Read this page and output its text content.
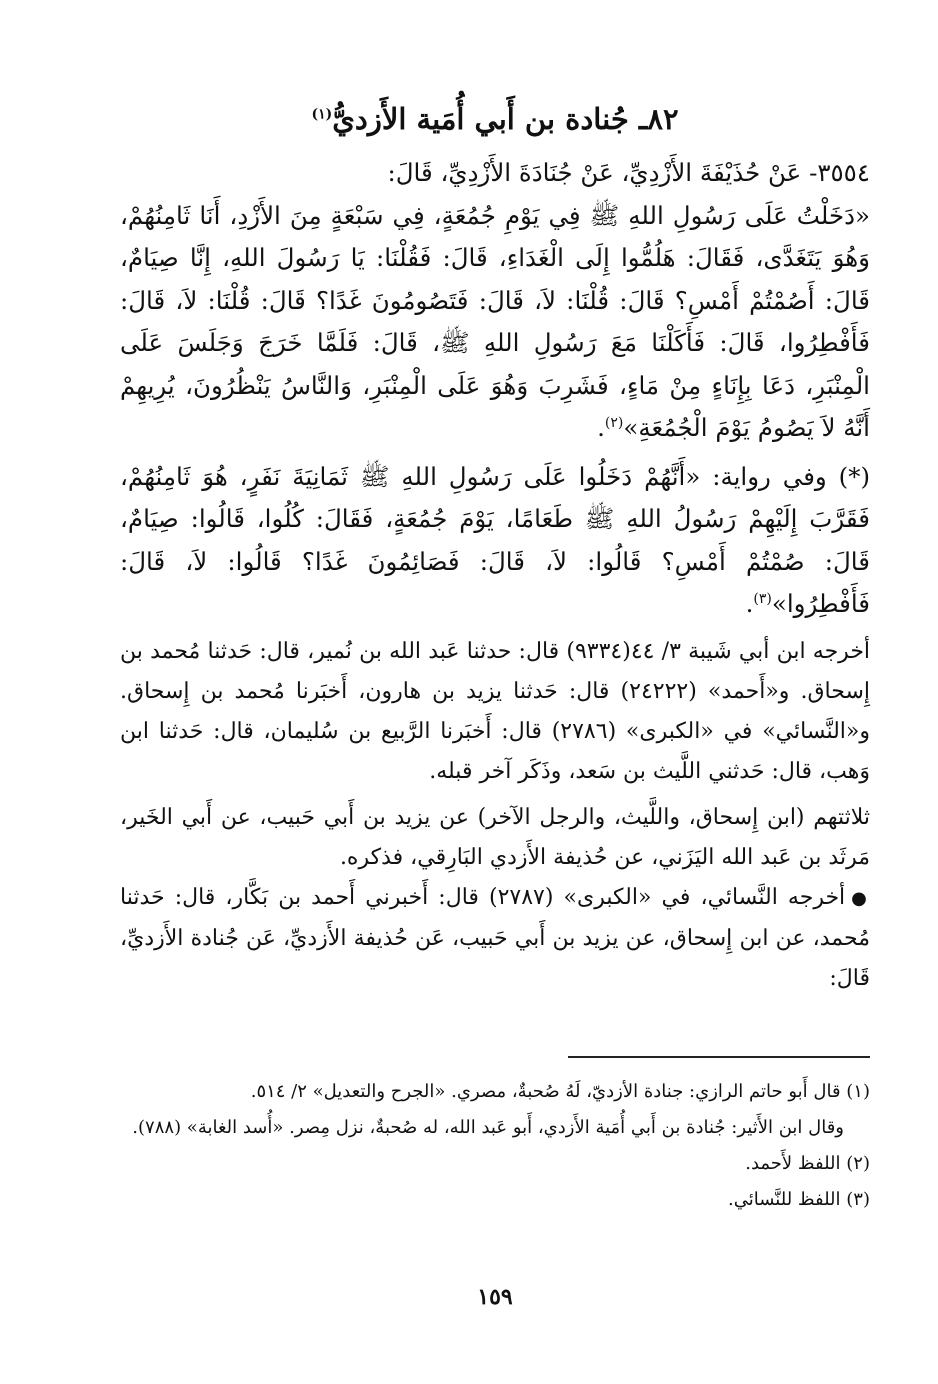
٨٢ـ جُنادة بن أَبي أُمَية الأَزديُّ$^{(١)}$

٣٥٥٤- عَنْ حُذَيْفَةَ الأَزْدِيِّ، عَنْ جُنَادَةَ الأَزْدِيِّ، قَالَ:

«دَخَلْتُ عَلَى رَسُولِ اللهِ ﷺ فِي يَوْمِ جُمُعَةٍ، فِي سَبْعَةٍ مِنَ الأَزْدِ، أَنَا ثَامِنُهُمْ، وَهُوَ يَتَغَدَّى، فَقَالَ: هَلُمُّوا إِلَى الْغَدَاءِ، قَالَ: فَقُلْنَا: يَا رَسُولَ اللهِ، إِنَّا صِيَامٌ، قَالَ: أَصُمْتُمْ أَمْسِ؟ قَالَ: قُلْنَا: لاَ، قَالَ: فَتَصُومُونَ غَدًا؟ قَالَ: قُلْنَا: لاَ، قَالَ: فَأَفْطِرُوا، قَالَ: فَأَكَلْنَا مَعَ رَسُولِ اللهِ ﷺ، قَالَ: فَلَمَّا خَرَجَ وَجَلَسَ عَلَى الْمِنْبَرِ، دَعَا بِإِنَاءٍ مِنْ مَاءٍ، فَشَرِبَ وَهُوَ عَلَى الْمِنْبَرِ، وَالنَّاسُ يَنْظُرُونَ، يُرِيهِمْ أَنَّهُ لاَ يَصُومُ يَوْمَ الْجُمُعَةِ»$^{(٢)}$.

(*) وفي رواية: «أَنَّهُمْ دَخَلُوا عَلَى رَسُولِ اللهِ ﷺ ثَمَانِيَةَ نَفَرٍ، هُوَ ثَامِنُهُمْ، فَقَرَّبَ إِلَيْهِمْ رَسُولُ اللهِ ﷺ طَعَامًا، يَوْمَ جُمُعَةٍ، فَقَالَ: كُلُوا، قَالُوا: صِيَامٌ، قَالَ: صُمْتُمْ أَمْسِ؟ قَالُوا: لاَ، قَالَ: فَصَائِمُونَ غَدًا؟ قَالُوا: لاَ، قَالَ: فَأَفْطِرُوا»$^{(٣)}$.

أخرجه ابن أبي شَيبة ٣/ ٤٤(٩٣٣٤) قال: حدثنا عَبد الله بن نُمير، قال: حَدثنا مُحمد بن إِسحاق. و«أَحمد» (٢٤٢٢٢) قال: حَدثنا يزيد بن هارون، أَخبَرنا مُحمد بن إِسحاق. و«النَّسائي» في «الكبرى» (٢٧٨٦) قال: أَخبَرنا الرَّبيع بن سُليمان، قال: حَدثنا ابن وَهب، قال: حَدثني اللَّيث بن سَعد، وذَكَر آخر قبله.

ثلاثتهم (ابن إِسحاق، واللَّيث، والرجل الآخر) عن يزيد بن أَبي حَبيب، عن أَبي الخَير، مَرثَد بن عَبد الله اليَزَني، عن حُذيفة الأَزدي البَارِقي، فذكره.

●أخرجه النَّسائي، في «الكبرى» (٢٧٨٧) قال: أَخبرني أَحمد بن بَكَّار، قال: حَدثنا مُحمد، عن ابن إِسحاق، عن يزيد بن أَبي حَبيب، عَن حُذيفة الأَزديِّ، عَن جُنادة الأَزديِّ، قَالَ:

(١) قال أَبو حاتم الرازي: جنادة الأزديّ، لَهُ صُحبةٌ، مصري. «الجرح والتعديل» ٢/ ٥١٤.

وقال ابن الأَثير: جُنادة بن أَبي أُمَية الأَزدي، أَبو عَبد الله، له صُحبةٌ، نزل مِصر. «أُسد الغابة» (٧٨٨).

(٢) اللفظ لأَحمد.

(٣) اللفظ للنَّسائي.

١٥٩
